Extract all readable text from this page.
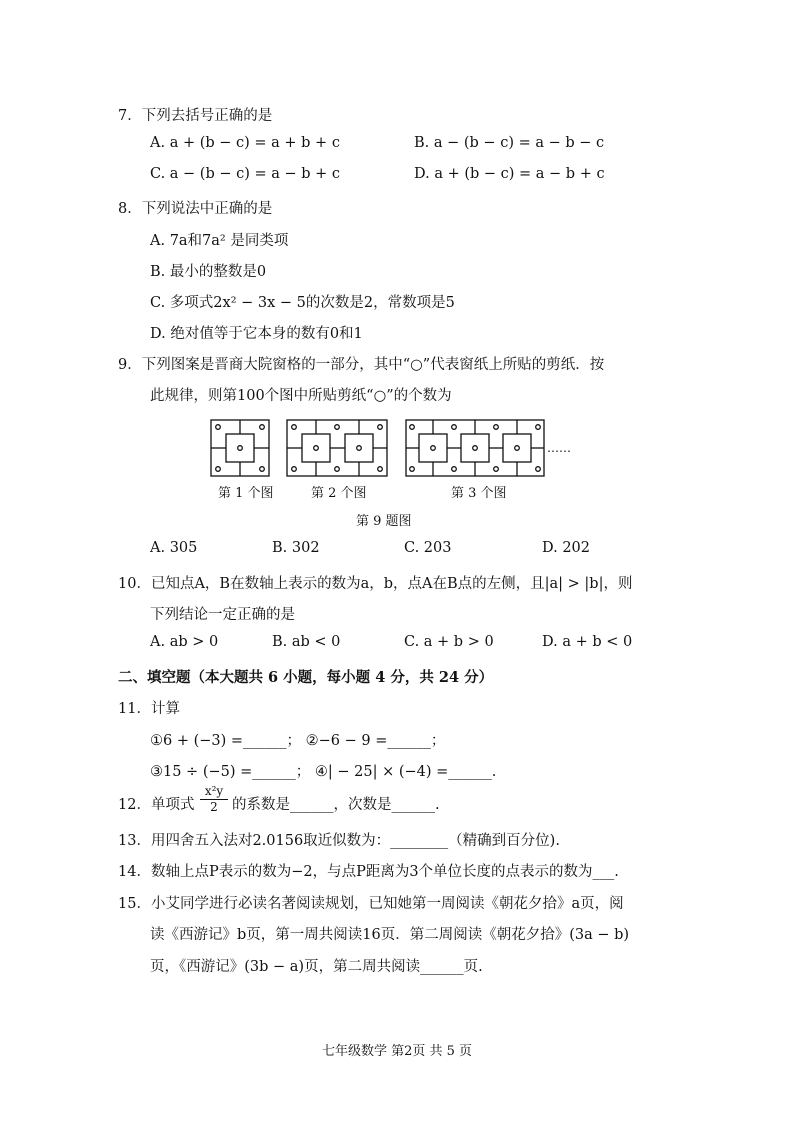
7．下列去括号正确的是
A. a + (b − c) = a + b + c	B. a − (b − c) = a − b − c
C. a − (b − c) = a − b + c	D. a + (b − c) = a − b + c
8．下列说法中正确的是
A. 7a和7a² 是同类项
B. 最小的整数是0
C. 多项式2x² − 3x − 5的次数是2，常数项是5
D. 绝对值等于它本身的数有0和1
9．下列图案是晋商大院窗格的一部分，其中“○”代表窗纸上所贴的剪纸．按
此规律，则第100个图中所贴剪纸“○”的个数为
……
第 1 个图	第 2 个图	第 3 个图
第 9 题图
A. 305	B. 302	C. 203	D. 202
10．已知点A，B在数轴上表示的数为a，b，点A在B点的左侧，且|a| > |b|，则
下列结论一定正确的是
A. ab > 0	B. ab < 0	C. a + b > 0	D. a + b < 0
二、填空题（本大题共 6 小题，每小题 4 分，共 24 分）
11．计算
①6 + (−3) =______； ②−6 − 9 =______；
③15 ÷ (−5) =______； ④| − 25| × (−4) =______.
12．单项式 $\frac{\text{x²y}}{2}$ 的系数是______，次数是______.
13．用四舍五入法对2.0156取近似数为：________（精确到百分位).
14．数轴上点P表示的数为−2，与点P距离为3个单位长度的点表示的数为___.
15．小艾同学进行必读名著阅读规划，已知她第一周阅读《朝花夕拾》a页，阅
读《西游记》b页，第一周共阅读16页．第二周阅读《朝花夕拾》(3a − b)
页，《西游记》(3b − a)页，第二周共阅读______页.
七年级数学 第2页 共 5 页
